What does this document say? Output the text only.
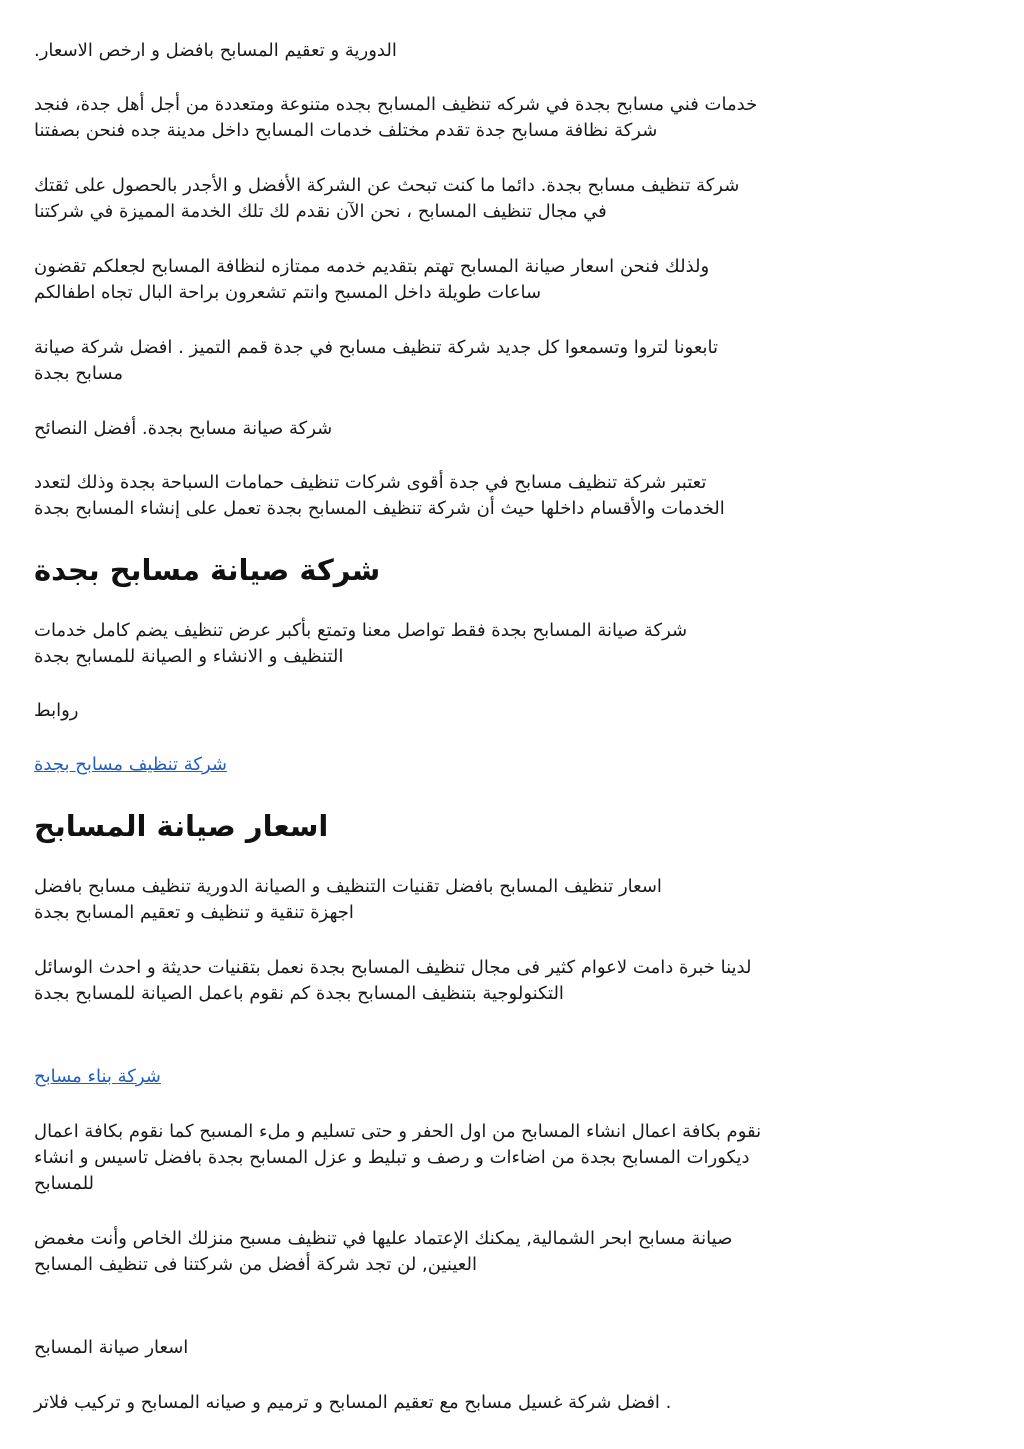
الدورية و تعقيم المسابح بافضل و ارخص الاسعار.

خدمات فني مسابح بجدة في شركه تنظيف المسابح بجده متنوعة ومتعددة من أجل أهل جدة، فنجد
شركة نظافة مسابح جدة تقدم مختلف خدمات المسابح داخل مدينة جده فنحن بصفتنا

شركة تنظيف مسابح بجدة. دائما ما كنت تبحث عن الشركة الأفضل و الأجدر بالحصول على ثقتك
في مجال تنظيف المسابح ، نحن الآن نقدم لك تلك الخدمة المميزة في شركتنا

ولذلك فنحن اسعار صيانة المسابح تهتم بتقديم خدمه ممتازه لنظافة المسابح لجعلكم تقضون
ساعات طويلة داخل المسبح وانتم تشعرون براحة البال تجاه اطفالكم

تابعونا لتروا وتسمعوا كل جديد شركة تنظيف مسابح في جدة قمم التميز . افضل شركة صيانة
مسابح بجدة

شركة صيانة مسابح بجدة. أفضل النصائح

تعتبر شركة تنظيف مسابح في جدة أقوى شركات تنظيف حمامات السباحة بجدة وذلك لتعدد
الخدمات والأقسام داخلها حيث أن شركة تنظيف المسابح بجدة تعمل على إنشاء المسابح بجدة

شركة صيانة مسابح بجدة

شركة صيانة المسابح بجدة فقط تواصل معنا وتمتع بأكبر عرض تنظيف يضم كامل خدمات
التنظيف و الانشاء و الصيانة للمسابح بجدة

روابط

شركة تنظيف مسابح بجدة
اسعار صيانة المسابح

اسعار تنظيف المسابح بافضل تقنيات التنظيف و الصيانة الدورية تنظيف مسابح بافضل
اجهزة تنقية و تنظيف و تعقيم المسابح بجدة

لدينا خبرة دامت لاعوام كثير فى مجال تنظيف المسابح بجدة نعمل بتقنيات حديثة و احدث الوسائل
التكنولوجية بتنظيف المسابح بجدة كم نقوم باعمل الصيانة للمسابح بجدة

شركة بناء مسابح

نقوم بكافة اعمال انشاء المسابح من اول الحفر و حتى تسليم و ملء المسبح كما نقوم بكافة اعمال
ديكورات المسابح بجدة من اضاءات و رصف و تبليط و عزل المسابح بجدة بافضل تاسيس و انشاء
للمسابح

صيانة مسابح ابحر الشمالية, يمكنك الإعتماد عليها في تنظيف مسبح منزلك الخاص وأنت مغمض
العينين, لن تجد شركة أفضل من شركتنا فى تنظيف المسابح

اسعار صيانة المسابح

. افضل شركة غسيل مسابح مع تعقيم المسابح و ترميم و صيانه المسابح و تركيب فلاتر
